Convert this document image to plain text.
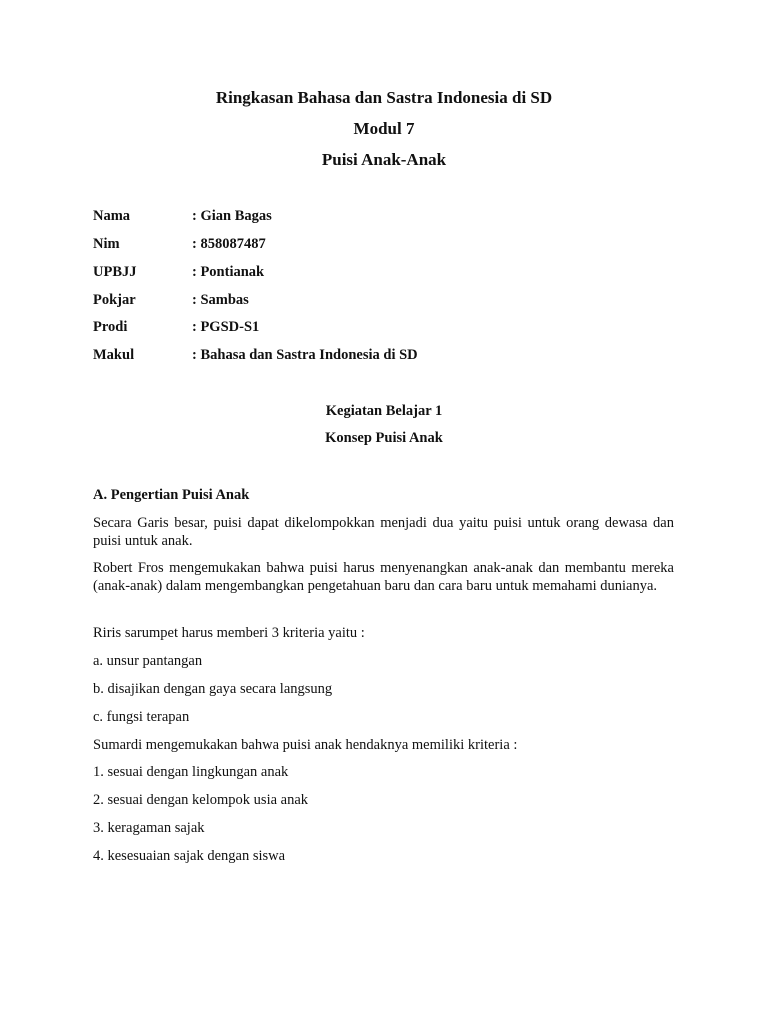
Ringkasan Bahasa dan Sastra Indonesia di SD
Modul 7
Puisi Anak-Anak
Nama	: Gian Bagas
Nim	: 858087487
UPBJJ	: Pontianak
Pokjar	: Sambas
Prodi	: PGSD-S1
Makul	: Bahasa dan Sastra Indonesia di SD
Kegiatan Belajar 1
Konsep Puisi Anak
A. Pengertian Puisi Anak
Secara Garis besar, puisi dapat dikelompokkan menjadi dua yaitu puisi untuk orang dewasa dan puisi untuk anak.
Robert Fros mengemukakan bahwa puisi harus menyenangkan anak-anak dan membantu mereka (anak-anak) dalam mengembangkan pengetahuan baru dan cara baru untuk memahami dunianya.
Riris sarumpet harus memberi 3 kriteria yaitu :
a. unsur pantangan
b. disajikan dengan gaya secara langsung
c. fungsi terapan
Sumardi mengemukakan bahwa puisi anak hendaknya memiliki kriteria :
1. sesuai dengan lingkungan anak
2. sesuai dengan kelompok usia anak
3. keragaman sajak
4. kesesuaian sajak dengan siswa
